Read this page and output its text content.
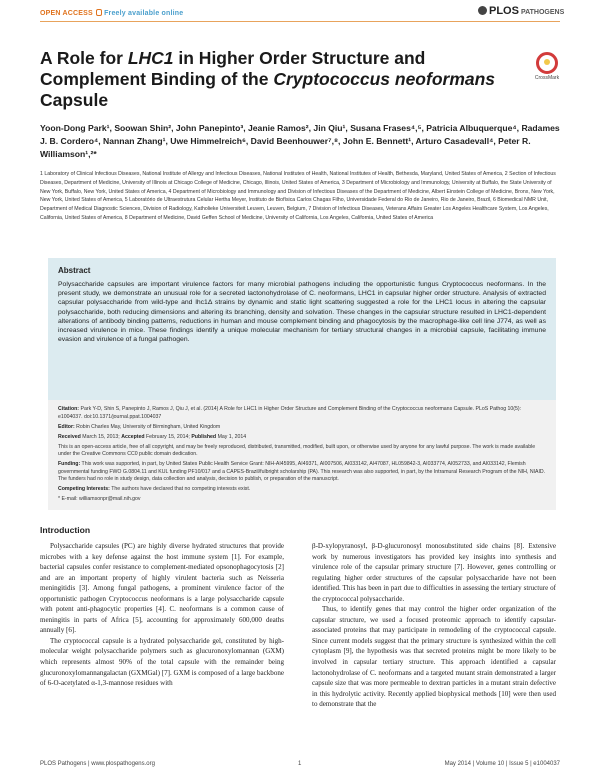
OPEN ACCESS Freely available online	PLOS PATHOGENS
A Role for LHC1 in Higher Order Structure and Complement Binding of the Cryptococcus neoformans Capsule
CrossMark
Yoon-Dong Park¹, Soowan Shin², John Panepinto³, Jeanie Ramos², Jin Qiu¹, Susana Frases⁴,⁵, Patricia Albuquerque⁴, Radames J. B. Cordero⁴, Nannan Zhang¹, Uwe Himmelreich⁶, David Beenhouwer⁷,⁸, John E. Bennett¹, Arturo Casadevall⁴, Peter R. Williamson¹,²*
1 Laboratory of Clinical Infectious Diseases, National Institute of Allergy and Infectious Diseases, National Institutes of Health, National Institutes of Health, Bethesda, Maryland, United States of America, 2 Section of Infectious Diseases, Department of Medicine, University of Illinois at Chicago College of Medicine, Chicago, Illinois, United States of America, 3 Department of Microbiology and Immunology, University at Buffalo, the State University of New York, Buffalo, New York, United States of America, 4 Department of Microbiology and Immunology and Division of Infectious Diseases of the Department of Medicine, Albert Einstein College of Medicine, Bronx, New York, New York, United States of America, 5 Laboratório de Ultraestrutura Celular Hertha Meyer, Instituto de Biofísica Carlos Chagas Filho, Universidade Federal do Rio de Janeiro, Rio de Janeiro, Brazil, 6 Biomedical NMR Unit, Department of Medical Diagnostic Sciences, Division of Radiology, Katholieke Universiteit Leuven, Leuven, Belgium, 7 Division of Infectious Diseases, Veterans Affairs Greater Los Angeles Healthcare System, Los Angeles, California, United States of America, 8 Department of Medicine, David Geffen School of Medicine, University of California, Los Angeles, California, United States of America
Abstract

Polysaccharide capsules are important virulence factors for many microbial pathogens including the opportunistic fungus Cryptococcus neoformans. In the present study, we demonstrate an unusual role for a secreted lactonohydrolase of C. neoformans, LHC1 in capsular higher order structure. Analysis of extracted capsular polysaccharide from wild-type and lhc1Δ strains by dynamic and static light scattering suggested a role for the LHC1 locus in altering the capsular polysaccharide, both reducing dimensions and altering its branching, density and solvation. These changes in the capsular structure resulted in LHC1-dependent alterations of antibody binding patterns, reductions in human and mouse complement binding and phagocytosis by the macrophage-like cell line J774, as well as increased virulence in mice. These findings identify a unique molecular mechanism for tertiary structural changes in a microbial capsule, facilitating immune evasion and virulence of a fungal pathogen.

Citation: Park Y-D, Shin S, Panepinto J, Ramos J, Qiu J, et al. (2014) A Role for LHC1 in Higher Order Structure and Complement Binding of the Cryptococcus neoformans Capsule. PLoS Pathog 10(5): e1004037. doi:10.1371/journal.ppat.1004037

Editor: Robin Charles May, University of Birmingham, United Kingdom

Received March 15, 2013; Accepted February 15, 2014; Published May 1, 2014

This is an open-access article, free of all copyright, and may be freely reproduced, distributed, transmitted, modified, built upon, or otherwise used by anyone for any lawful purpose. The work is made available under the Creative Commons CC0 public domain dedication.

Funding: This work was supported, in part, by United States Public Health Service Grant: NIH-AI45995, AI49371, AI007506, AI033142, AI47087, HL059842-3, AI033774, AI052733, and AI033142, Flemish governmental funding FWO G.0804.11 and KUL funding PF10/017 and a CAPES-Brazil/fulbright scholarship (PA). This research was also supported, in part, by the Intramural Research Program of the NIH, NIAID. The funders had no role in study design, data collection and analysis, decision to publish, or preparation of the manuscript.

Competing Interests: The authors have declared that no competing interests exist.

* E-mail: williamsonpr@mail.nih.gov

Introduction

Polysaccharide capsules (PC) are highly diverse hydrated structures that provide microbes with a key defense against the host immune system [1]. For example, bacterial capsules confer resistance to complement-mediated opsonophagocytosis [2] and are an important property of highly virulent bacteria such as Neisseria meningitidis [3]. Among fungal pathogens, a prominent virulence factor of the opportunistic pathogen Cryptococcus neoformans is a large polysaccharide capsule with potent anti-phagocytic properties [4]. C. neoformans is a common cause of meningitis in parts of Africa [5], accounting for approximately 600,000 deaths annually [6].

The cryptococcal capsule is a hydrated polysaccharide gel, constituted by high-molecular weight polysaccharide polymers such as glucuronoxylomannan (GXM) which represents almost 90% of the total capsule with the remainder being glucuronoxylomannangalactan (GXMGal) [7]. GXM is composed of a large backbone of 6-O-acetylated α-1,3-mannose residues with

β-D-xylopyranosyl, β-D-glucuronosyl monosubstituted side chains [8]. Extensive work by numerous investigators has provided key insights into synthesis and virulence role of the capsular primary structure [7]. However, genes controlling or regulating higher order structures of the capsular polysaccharide have not been identified. This has been in part due to difficulties in assessing the tertiary structure of the cryptococcal polysaccharide.

Thus, to identify genes that may control the higher order organization of the capsular structure, we used a focused proteomic approach to identify capsular-associated proteins that may participate in remodeling of the cryptococcal capsule. Since current models suggest that the primary structure is synthesized within the cell cytoplasm [9], the hypothesis was that secreted proteins might be more likely to be involved in capsular tertiary structure. This approach identified a capsular lactonohydrolase of C. neoformans and a targeted mutant strain demonstrated a larger capsule size that was more permeable to dextran particles in a mutant strain defective in this hydrolytic activity. Recently applied biophysical methods [10] were then used to demonstrate that the

PLOS Pathogens | www.plospathogens.org	1	May 2014 | Volume 10 | Issue 5 | e1004037
